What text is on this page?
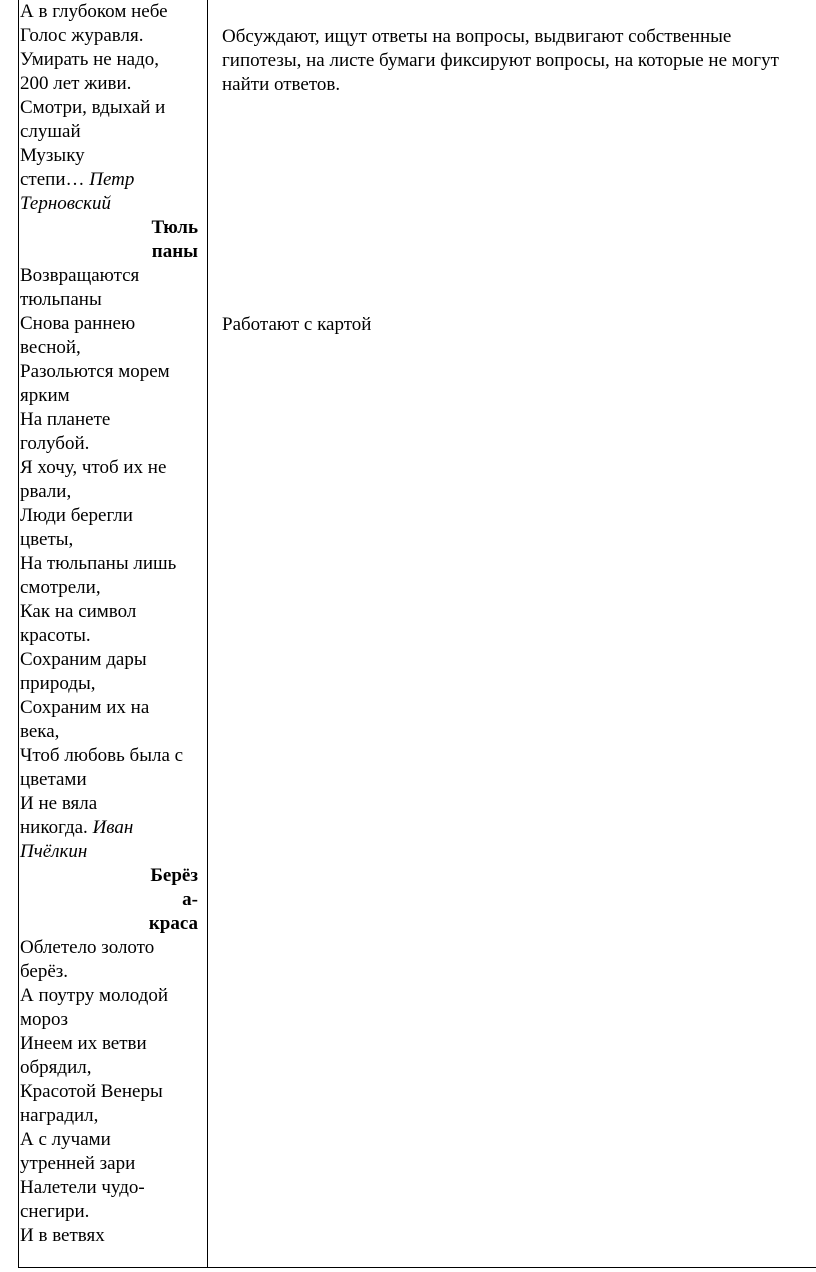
А в глубоком небе
Голос журавля.
Умирать не надо,
200 лет живи.
Смотри, вдыхай и
слушай
Музыку
степи… Петр
Терновский
Тюль
паны
Возвращаются
тюльпаны
Снова раннею
весной,
Разольются морем
ярким
На планете
голубой.
Я хочу, чтоб их не
рвали,
Люди берегли
цветы,
На тюльпаны лишь
смотрели,
Как на символ
красоты.
Сохраним дары
природы,
Сохраним их на
века,
Чтоб любовь была с
цветами
И не вяла
никогда. Иван
Пчёлкин
Берёз
а-
краса
Облетело золото
берёз.
А поутру молодой
мороз
Инеем их ветви
обрядил,
Красотой Венеры
наградил,
А с лучами
утренней зари
Налетели чудо-
снегири.
И в ветвях
Обсуждают, ищут ответы на вопросы, выдвигают собственные гипотезы, на листе бумаги фиксируют вопросы, на которые не могут найти ответов.
Работают с картой
